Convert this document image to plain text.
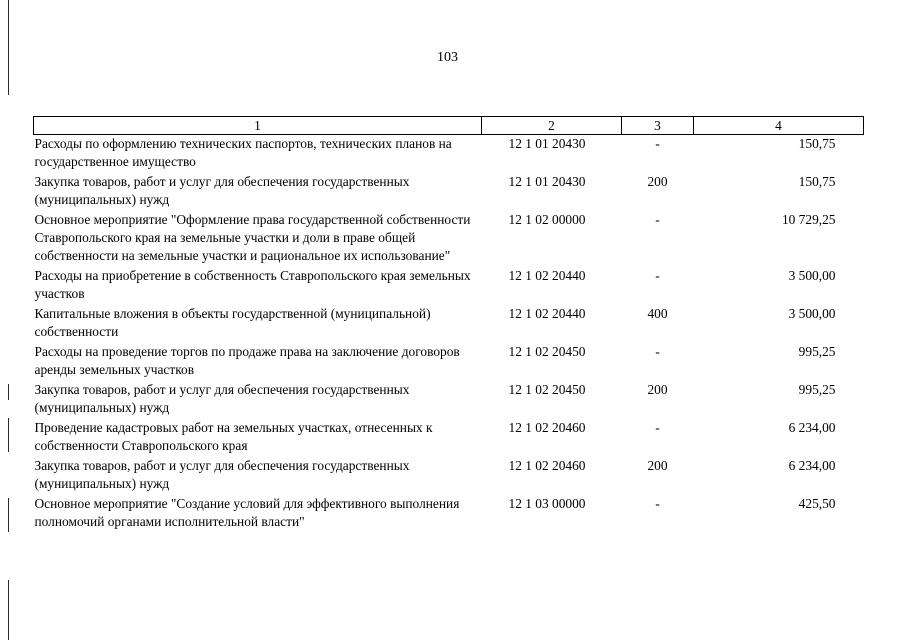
103
1	2	3	4
Расходы по оформлению технических паспортов, технических планов на государственное имущество	12 1 01 20430	-	150,75
Закупка товаров, работ и услуг для обеспечения государственных (муниципальных) нужд	12 1 01 20430	200	150,75
Основное мероприятие "Оформление права государственной собственности Ставропольского края на земельные участки и доли в праве общей собственности на земельные участки и рациональное их использование"	12 1 02 00000	-	10 729,25
Расходы на приобретение в собственность Ставропольского края земельных участков	12 1 02 20440	-	3 500,00
Капитальные вложения в объекты государственной (муниципальной) собственности	12 1 02 20440	400	3 500,00
Расходы на проведение торгов по продаже права на заключение договоров аренды земельных участков	12 1 02 20450	-	995,25
Закупка товаров, работ и услуг для обеспечения государственных (муниципальных) нужд	12 1 02 20450	200	995,25
Проведение кадастровых работ на земельных участках, отнесенных к собственности Ставропольского края	12 1 02 20460	-	6 234,00
Закупка товаров, работ и услуг для обеспечения государственных (муниципальных) нужд	12 1 02 20460	200	6 234,00
Основное мероприятие "Создание условий для эффективного выполнения полномочий органами исполнительной власти"	12 1 03 00000	-	425,50
